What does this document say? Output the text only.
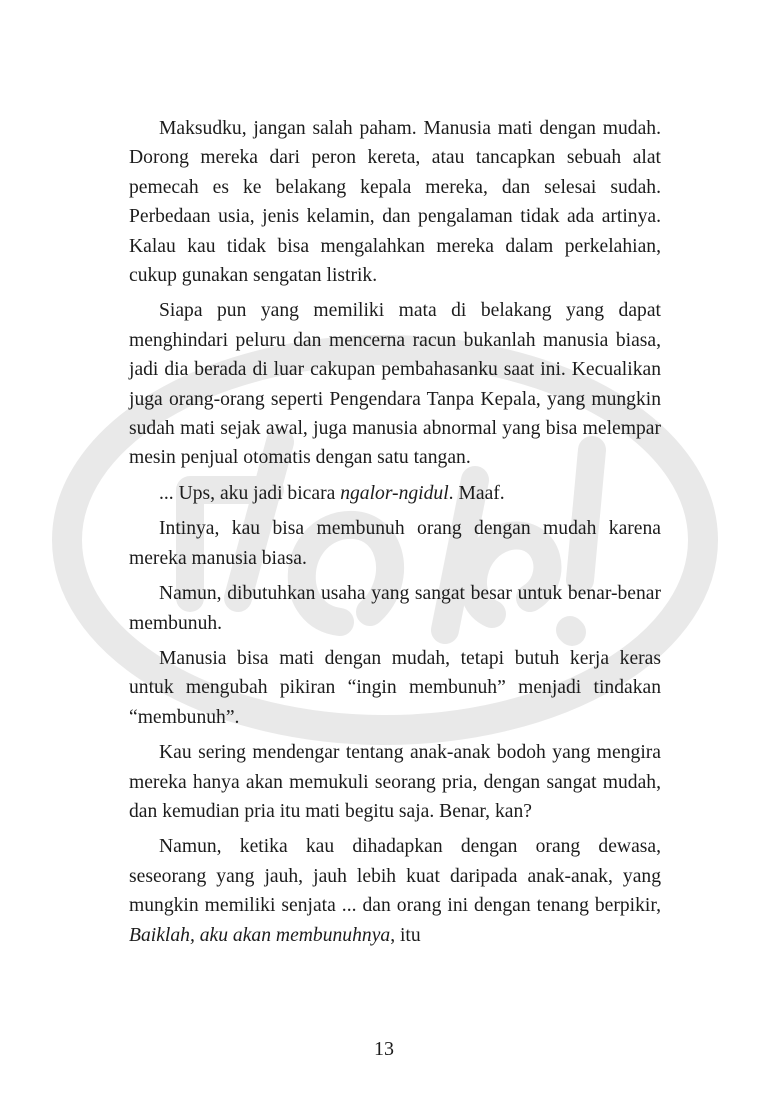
Maksudku, jangan salah paham. Manusia mati dengan mudah. Dorong mereka dari peron kereta, atau tancapkan sebuah alat pemecah es ke belakang kepala mereka, dan selesai sudah. Perbedaan usia, jenis kelamin, dan pengalaman tidak ada artinya. Kalau kau tidak bisa mengalahkan mereka dalam perkelahian, cukup gunakan sengatan listrik.

Siapa pun yang memiliki mata di belakang yang dapat menghindari peluru dan mencerna racun bukanlah manusia biasa, jadi dia berada di luar cakupan pembahasanku saat ini. Kecualikan juga orang-orang seperti Pengendara Tanpa Kepala, yang mungkin sudah mati sejak awal, juga manusia abnormal yang bisa melempar mesin penjual otomatis dengan satu tangan.

... Ups, aku jadi bicara ngalor-ngidul. Maaf.

Intinya, kau bisa membunuh orang dengan mudah karena mereka manusia biasa.

Namun, dibutuhkan usaha yang sangat besar untuk benar-benar membunuh.

Manusia bisa mati dengan mudah, tetapi butuh kerja keras untuk mengubah pikiran “ingin membunuh” menjadi tindakan “membunuh”.

Kau sering mendengar tentang anak-anak bodoh yang mengira mereka hanya akan memukuli seorang pria, dengan sangat mudah, dan kemudian pria itu mati begitu saja. Benar, kan?

Namun, ketika kau dihadapkan dengan orang dewasa, seseorang yang jauh, jauh lebih kuat daripada anak-anak, yang mungkin memiliki senjata ... dan orang ini dengan tenang berpikir, Baiklah, aku akan membunuhnya, itu

13
